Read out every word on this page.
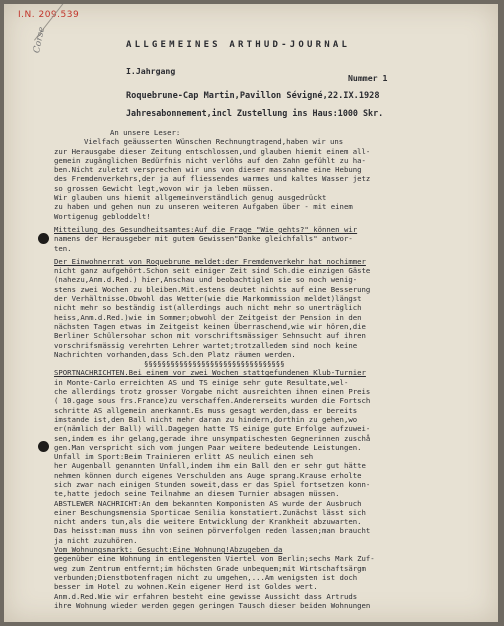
I.N. 209.539
Corse	ALLGEMEINES ARTHUD-JOURNAL
I.Jahrgang
Nummer 1
Roquebrune-Cap Martin,Pavillon Sévigné,22.IX.1928
Jahresabonnement,incl Zustellung ins Haus:1000 Skr.
An unsere Leser:
Vielfach geäusserten Wünschen Rechnungtragend,haben wir uns
zur Herausgabe dieser Zeitung entschlossen,und glauben hiemit einem all-
gemein zugänglichen Bedürfnis nicht verlöhs auf den Zahn gefühlt zu ha-
ben.Nicht zuletzt versprechen wir uns von dieser massnahme eine Hebung
des Fremdenverkehrs,der ja auf fliessendes warmes und kaltes Wasser jetz
so grossen Gewicht legt,wovon wir ja leben müssen.
Wir glauben uns hiemit allgemeinverständlich genug ausgedrückt
zu haben und gehen nun zu unseren weiteren Aufgaben über - mit einem
Wortigenug gebloddelt!
Mitteilung des Gesundheitsamtes:Auf die Frage "Wie gehts?" können wir
namens der Herausgeber mit gutem Gewissen"Danke gleichfalls" antwor-
ten.
Der Einwohnerrat von Roquebrune meldet:der Fremdenverkehr hat nochimmer
nicht ganz aufgehört.Schon seit einiger Zeit sind Sch.die einzigen Gäste
(nahezu,Anm.d.Red.) hier,Anschau und beobachtiglen sie so noch wenig-
stens zwei Wochen zu bleiben.Mit.estens deutet nichts auf eine Besserung
der Verhältnisse.Obwohl das Wetter(wie die Markommission meldet)längst
nicht mehr so beständig ist(allerdings auch nicht mehr so unerträglich
heiss,Anm.d.Red.)wie im Sommer;obwohl der Zeitgeist der Pension in den
nächsten Tagen etwas im Zeitgeist keinen Überraschend,wie wir hören,die
Berliner Schülersohar schon mit vorschriftsmässiger Sehnsucht auf ihren
vorschrifsmässig verehrten Lehrer wartet;trotzalledem sind noch keine
Nachrichten vorhanden,dass Sch.den Platz räumen werden.
§§§§§§§§§§§§§§§§§§§§§§§§§§§§§§§§
SPORTNACHRICHTEN.Bei einem vor zwei Wochen stattgefundenen Klub-Turnier
in Monte-Carlo erreichten AS und TS einige sehr gute Resultate,wel-
che allerdings trotz grosser Vorgabe nicht ausreichten ihnen einen Preis
( 10.gage sous frs.France)zu verschaffen.Andererseits wurden die Fortsch
schritte AS allgemein anerkannt.Es muss gesagt werden,dass er bereits
imstande ist,den Ball nicht mehr daran zu hindern,dorthin zu gehen,wo
er(nämlich der Ball) will.Dagegen hatte TS einige gute Erfolge aufzuwei-
sen,indem es ihr gelang,gerade ihre unsympatischesten Gegnerinnen zuschå
gen.Man verspricht sich vom jungen Paar weitere bedeutende Leistungen.
Unfall im Sport:Beim Trainieren erlitt AS neulich einen seh
her Augenball genannten Unfall,indem ihm ein Ball den er sehr gut hätte
nehmen können durch eigenes Verschulden ans Auge sprang.Krause erholte
sich zwar nach einigen Stunden soweit,dass er das Spiel fortsetzen konn-
te,hatte jedoch seine Teilnahme an diesem Turnier absagen müssen.
ABSTLEWER NACHRICHT:An dem bekannten Komponisten AS wurde der Ausbruch
einer Beschungsmensia Sporticae Senilia konstatiert.Zunächst lässt sich
nicht anders tun,als die weitere Entwicklung der Krankheit abzuwarten.
Das heisst:man muss ihn von seinen pörverfolgen reden lassen;man braucht
ja nicht zuzuhören.
Vom Wohnungsmarkt: Gesucht:Eine Wohnung!Abzugeben da
gegenüber eine Wohnung in entlegensten Viertel von Berlin;sechs Mark Zuf-
weg zum Zentrum entfernt;im höchsten Grade unbequem;mit Wirtschaftsärgm
verbunden;Dienstbotenfragen nicht zu umgehen,...Am wenigsten ist doch
besser im Hotel zu wohnen.Kein eigener Herd ist Goldes wert.
Anm.d.Red.Wie wir erfahren besteht eine gewisse Aussicht dass Artruds
ihre Wohnung wieder werden gegen geringen Tausch dieser beiden Wohnungen
